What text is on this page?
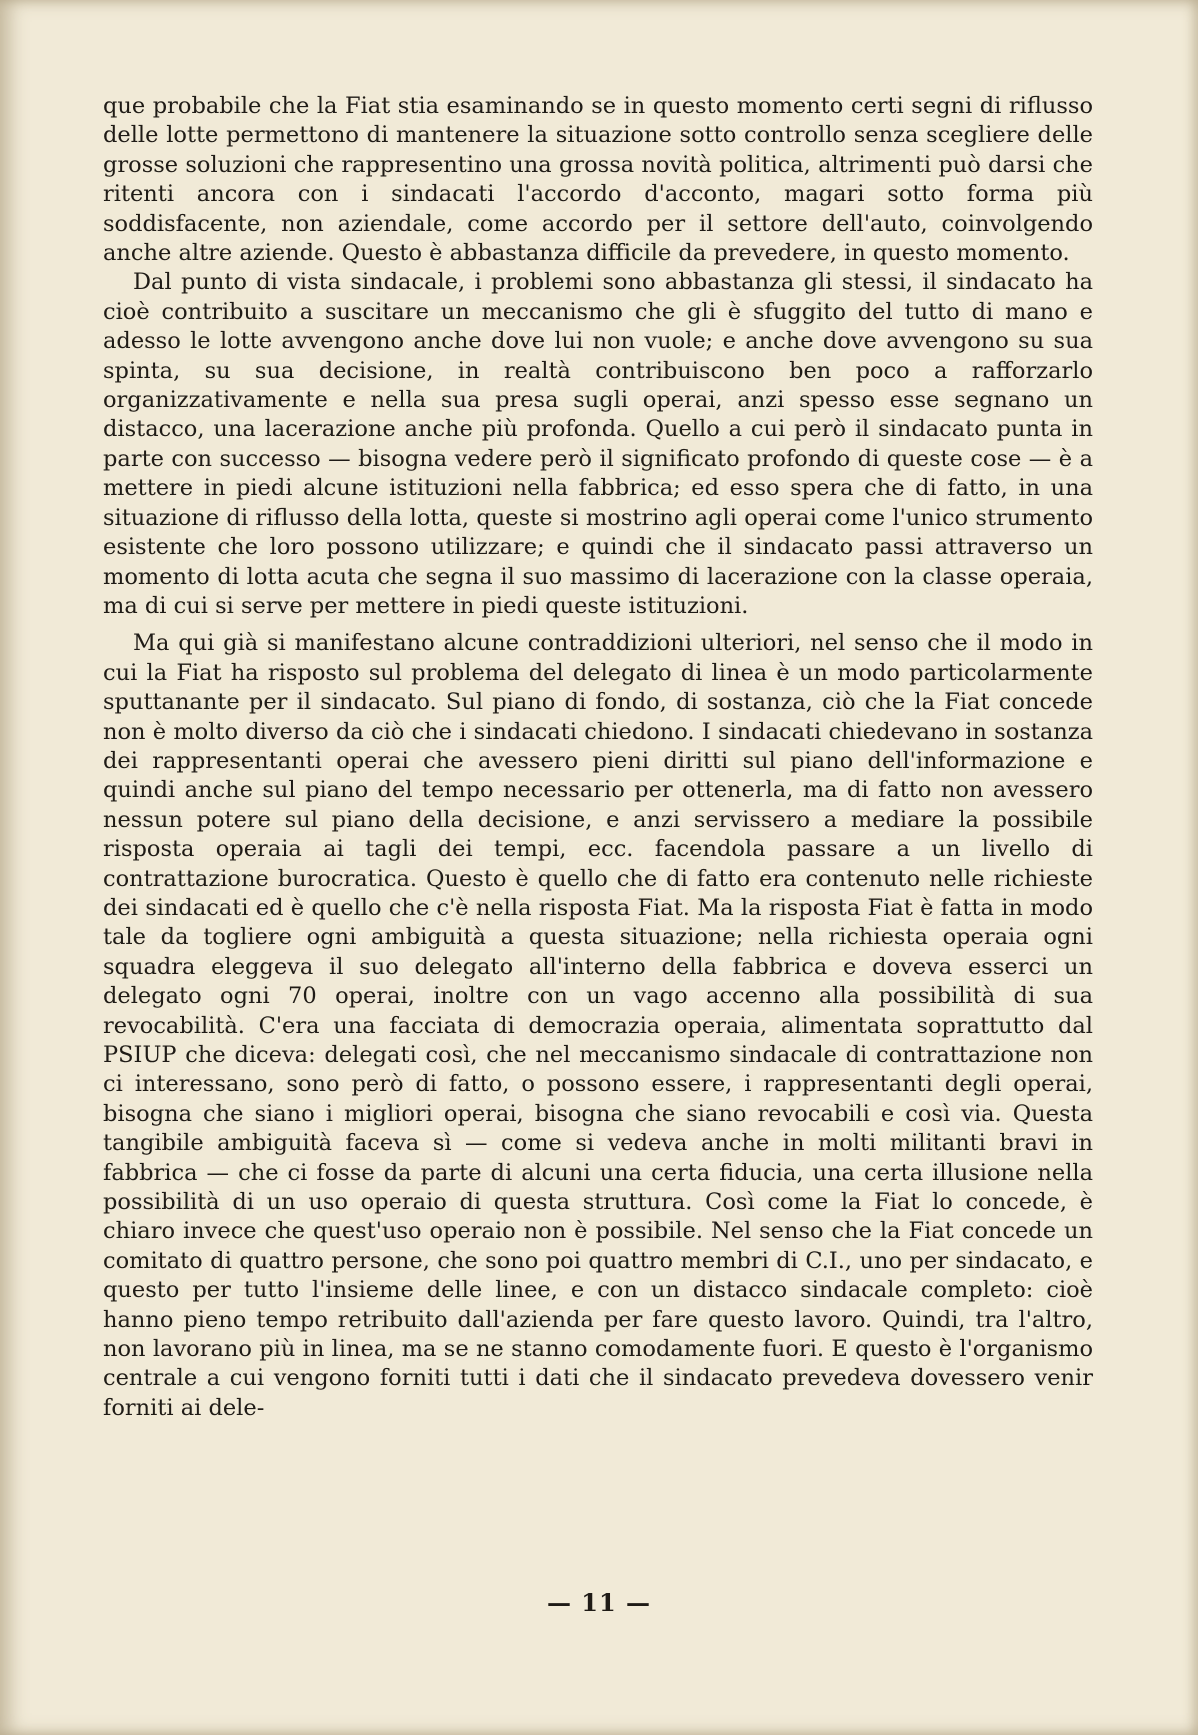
que probabile che la Fiat stia esaminando se in questo momento certi segni di riflusso delle lotte permettono di mantenere la situazione sotto controllo senza scegliere delle grosse soluzioni che rappresentino una grossa novità politica, altrimenti può darsi che ritenti ancora con i sindacati l'accordo d'acconto, magari sotto forma più soddisfacente, non aziendale, come accordo per il settore dell'auto, coinvolgendo anche altre aziende. Questo è abbastanza difficile da prevedere, in questo momento.

Dal punto di vista sindacale, i problemi sono abbastanza gli stessi, il sindacato ha cioè contribuito a suscitare un meccanismo che gli è sfuggito del tutto di mano e adesso le lotte avvengono anche dove lui non vuole; e anche dove avvengono su sua spinta, su sua decisione, in realtà contribuiscono ben poco a rafforzarlo organizzativamente e nella sua presa sugli operai, anzi spesso esse segnano un distacco, una lacerazione anche più profonda. Quello a cui però il sindacato punta in parte con successo — bisogna vedere però il significato profondo di queste cose — è a mettere in piedi alcune istituzioni nella fabbrica; ed esso spera che di fatto, in una situazione di riflusso della lotta, queste si mostrino agli operai come l'unico strumento esistente che loro possono utilizzare; e quindi che il sindacato passi attraverso un momento di lotta acuta che segna il suo massimo di lacerazione con la classe operaia, ma di cui si serve per mettere in piedi queste istituzioni.

Ma qui già si manifestano alcune contraddizioni ulteriori, nel senso che il modo in cui la Fiat ha risposto sul problema del delegato di linea è un modo particolarmente sputtanante per il sindacato. Sul piano di fondo, di sostanza, ciò che la Fiat concede non è molto diverso da ciò che i sindacati chiedono. I sindacati chiedevano in sostanza dei rappresentanti operai che avessero pieni diritti sul piano dell'informazione e quindi anche sul piano del tempo necessario per ottenerla, ma di fatto non avessero nessun potere sul piano della decisione, e anzi servissero a mediare la possibile risposta operaia ai tagli dei tempi, ecc. facendola passare a un livello di contrattazione burocratica. Questo è quello che di fatto era contenuto nelle richieste dei sindacati ed è quello che c'è nella risposta Fiat. Ma la risposta Fiat è fatta in modo tale da togliere ogni ambiguità a questa situazione; nella richiesta operaia ogni squadra eleggeva il suo delegato all'interno della fabbrica e doveva esserci un delegato ogni 70 operai, inoltre con un vago accenno alla possibilità di sua revocabilità. C'era una facciata di democrazia operaia, alimentata soprattutto dal PSIUP che diceva: delegati così, che nel meccanismo sindacale di contrattazione non ci interessano, sono però di fatto, o possono essere, i rappresentanti degli operai, bisogna che siano i migliori operai, bisogna che siano revocabili e così via. Questa tangibile ambiguità faceva sì — come si vedeva anche in molti militanti bravi in fabbrica — che ci fosse da parte di alcuni una certa fiducia, una certa illusione nella possibilità di un uso operaio di questa struttura. Così come la Fiat lo concede, è chiaro invece che quest'uso operaio non è possibile. Nel senso che la Fiat concede un comitato di quattro persone, che sono poi quattro membri di C.I., uno per sindacato, e questo per tutto l'insieme delle linee, e con un distacco sindacale completo: cioè hanno pieno tempo retribuito dall'azienda per fare questo lavoro. Quindi, tra l'altro, non lavorano più in linea, ma se ne stanno comodamente fuori. E questo è l'organismo centrale a cui vengono forniti tutti i dati che il sindacato prevedeva dovessero venir forniti ai dele-

— 11 —
